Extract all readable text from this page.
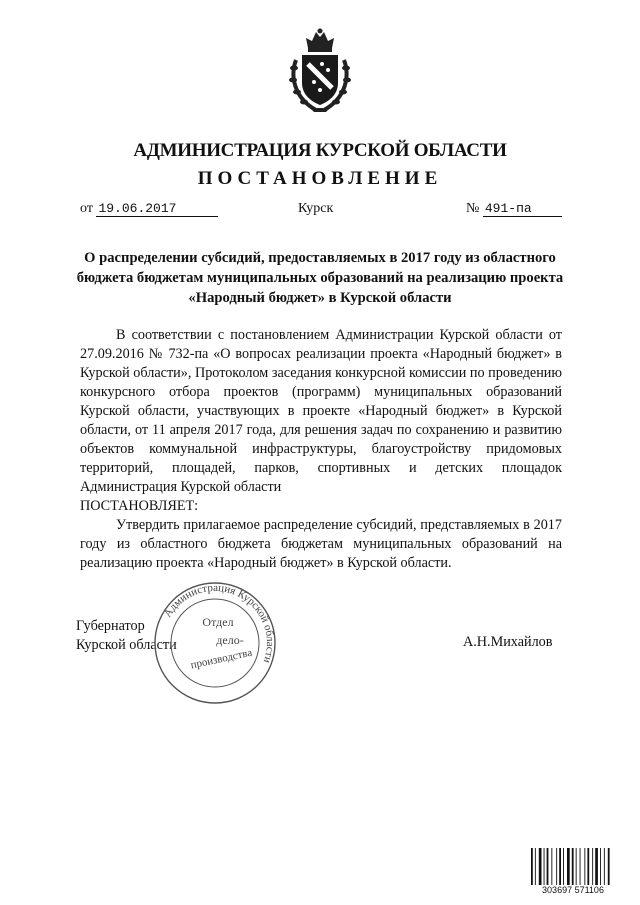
АДМИНИСТРАЦИЯ КУРСКОЙ ОБЛАСТИ
ПОСТАНОВЛЕНИЕ
от 19.06.2017	Курск	№ 491-па
О распределении субсидий, предоставляемых в 2017 году из областного бюджета бюджетам муниципальных образований на реализацию проекта «Народный бюджет» в Курской области

В соответствии с постановлением Администрации Курской области от 27.09.2016 № 732-па «О вопросах реализации проекта «Народный бюджет» в Курской области», Протоколом заседания конкурсной комиссии по проведению конкурсного отбора проектов (программ) муниципальных образований Курской области, участвующих в проекте «Народный бюджет» в Курской области, от 11 апреля 2017 года, для решения задач по сохранению и развитию объектов коммунальной инфраструктуры, благоустройству придомовых территорий, площадей, парков, спортивных и детских площадок Администрация Курской области

ПОСТАНОВЛЯЕТ:

Утвердить прилагаемое распределение субсидий, представляемых в 2017 году из областного бюджета бюджетам муниципальных образований на реализацию проекта «Народный бюджет» в Курской области.

Губернатор
Курской области
Администрация Курской области
Отдел
дело-
производства
А.Н.Михайлов
303697 571106
